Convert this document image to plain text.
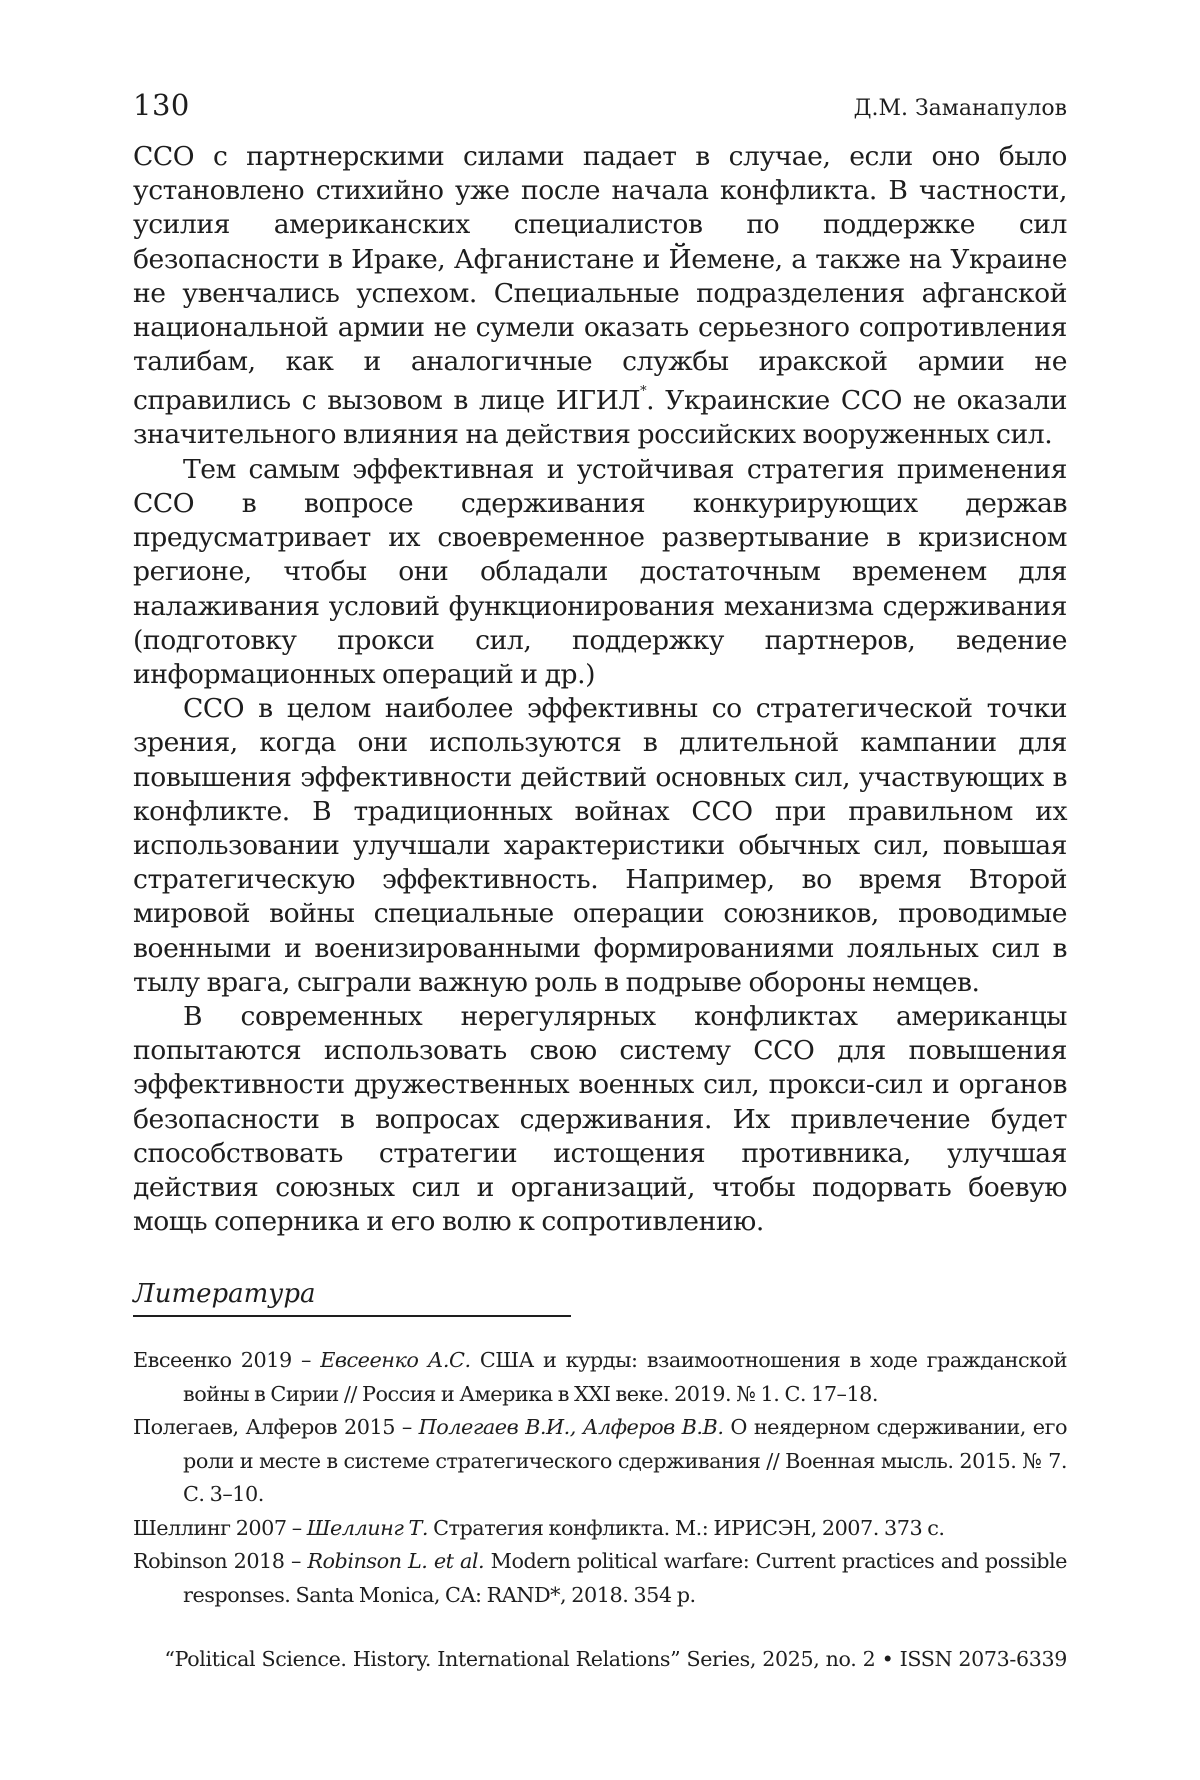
130	Д.М. Заманапулов

ССО с партнерскими силами падает в случае, если оно было установлено стихийно уже после начала конфликта. В частности, усилия американских специалистов по поддержке сил безопасности в Ираке, Афганистане и Йемене, а также на Украине не увенчались успехом. Специальные подразделения афганской национальной армии не сумели оказать серьезного сопротивления талибам, как и аналогичные службы иракской армии не справились с вызовом в лице ИГИЛ*. Украинские ССО не оказали значительного влияния на действия российских вооруженных сил.

Тем самым эффективная и устойчивая стратегия применения ССО в вопросе сдерживания конкурирующих держав предусматривает их своевременное развертывание в кризисном регионе, чтобы они обладали достаточным временем для налаживания условий функционирования механизма сдерживания (подготовку прокси сил, поддержку партнеров, ведение информационных операций и др.)

ССО в целом наиболее эффективны со стратегической точки зрения, когда они используются в длительной кампании для повышения эффективности действий основных сил, участвующих в конфликте. В традиционных войнах ССО при правильном их использовании улучшали характеристики обычных сил, повышая стратегическую эффективность. Например, во время Второй мировой войны специальные операции союзников, проводимые военными и военизированными формированиями лояльных сил в тылу врага, сыграли важную роль в подрыве обороны немцев.

В современных нерегулярных конфликтах американцы попытаются использовать свою систему ССО для повышения эффективности дружественных военных сил, прокси-сил и органов безопасности в вопросах сдерживания. Их привлечение будет способствовать стратегии истощения противника, улучшая действия союзных сил и организаций, чтобы подорвать боевую мощь соперника и его волю к сопротивлению.

Литература

Евсеенко 2019 – Евсеенко А.С. США и курды: взаимоотношения в ходе гражданской войны в Сирии // Россия и Америка в XXI веке. 2019. № 1. С. 17–18.

Полегаев, Алферов 2015 – Полегаев В.И., Алферов В.В. О неядерном сдерживании, его роли и месте в системе стратегического сдерживания // Военная мысль. 2015. № 7. С. 3–10.

Шеллинг 2007 – Шеллинг Т. Стратегия конфликта. М.: ИРИСЭН, 2007. 373 с.

Robinson 2018 – Robinson L. et al. Modern political warfare: Current practices and possible responses. Santa Monica, CA: RAND*, 2018. 354 p.

“Political Science. History. International Relations” Series, 2025, no. 2 • ISSN 2073-6339
